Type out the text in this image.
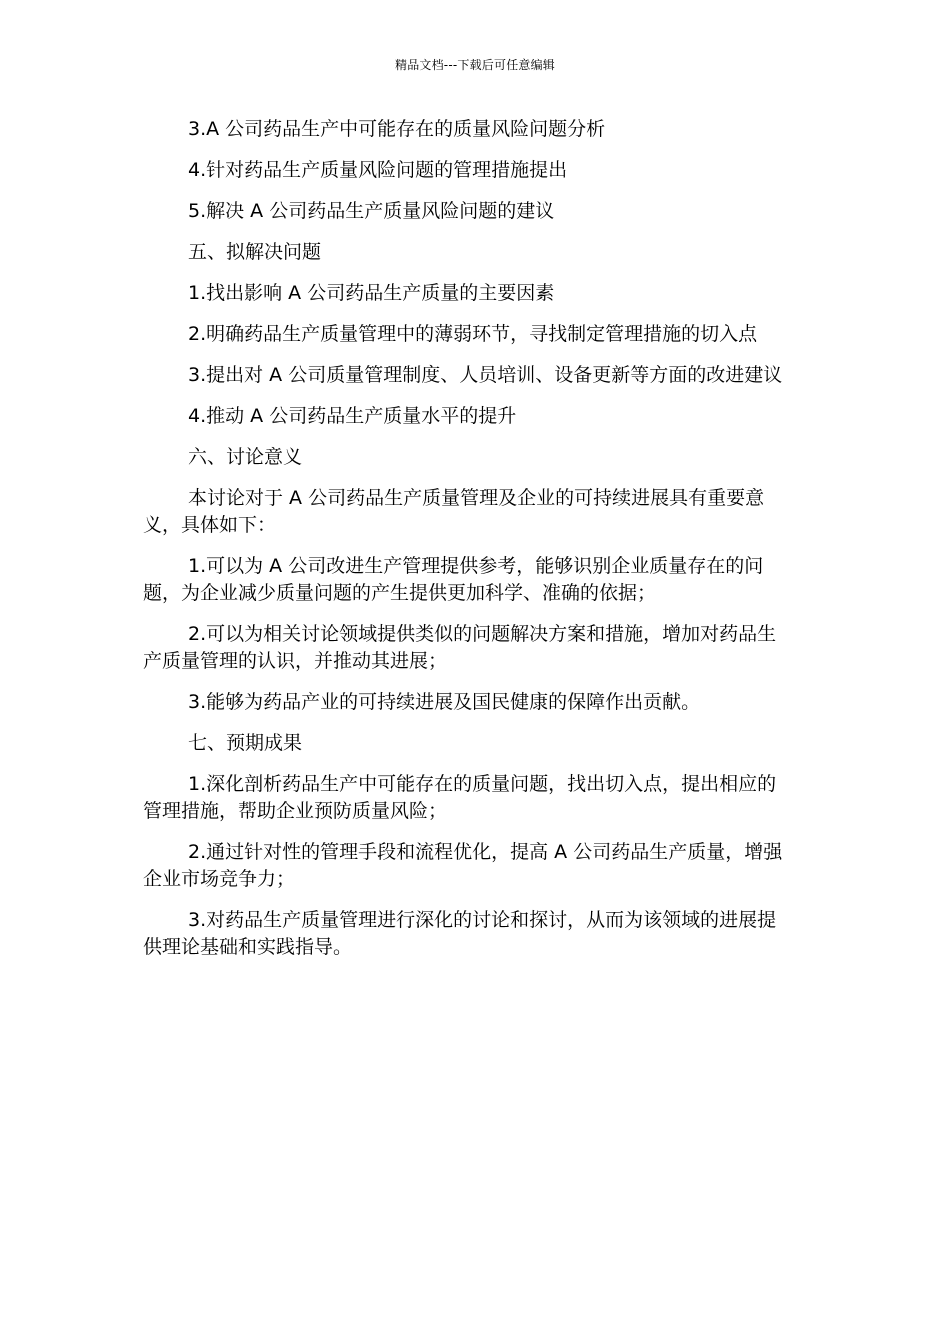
精品文档---下载后可任意编辑

3.A 公司药品生产中可能存在的质量风险问题分析

4.针对药品生产质量风险问题的管理措施提出

5.解决 A 公司药品生产质量风险问题的建议

五、拟解决问题

1.找出影响 A 公司药品生产质量的主要因素

2.明确药品生产质量管理中的薄弱环节，寻找制定管理措施的切入点

3.提出对 A 公司质量管理制度、人员培训、设备更新等方面的改进建议

4.推动 A 公司药品生产质量水平的提升

六、讨论意义

本讨论对于 A 公司药品生产质量管理及企业的可持续进展具有重要意义，具体如下：

1.可以为 A 公司改进生产管理提供参考，能够识别企业质量存在的问题，为企业减少质量问题的产生提供更加科学、准确的依据；

2.可以为相关讨论领域提供类似的问题解决方案和措施，增加对药品生产质量管理的认识，并推动其进展；

3.能够为药品产业的可持续进展及国民健康的保障作出贡献。

七、预期成果

1.深化剖析药品生产中可能存在的质量问题，找出切入点，提出相应的管理措施，帮助企业预防质量风险；

2.通过针对性的管理手段和流程优化，提高 A 公司药品生产质量，增强企业市场竞争力；

3.对药品生产质量管理进行深化的讨论和探讨，从而为该领域的进展提供理论基础和实践指导。
